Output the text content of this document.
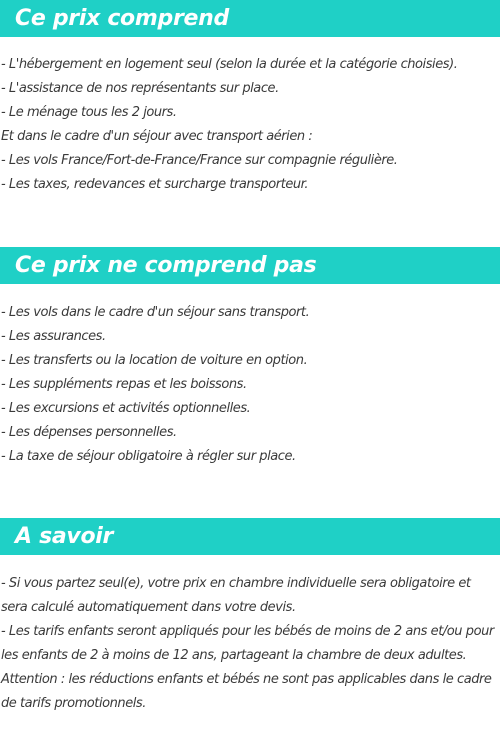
Ce prix comprend
- L'hébergement en logement seul (selon la durée et la catégorie choisies).
- L'assistance de nos représentants sur place.
- Le ménage tous les 2 jours.
Et dans le cadre d'un séjour avec transport aérien :
- Les vols France/Fort-de-France/France sur compagnie régulière.
- Les taxes, redevances et surcharge transporteur.
Ce prix ne comprend pas
- Les vols dans le cadre d'un séjour sans transport.
- Les assurances.
- Les transferts ou la location de voiture en option.
- Les suppléments repas et les boissons.
- Les excursions et activités optionnelles.
- Les dépenses personnelles.
- La taxe de séjour obligatoire à régler sur place.
A savoir
- Si vous partez seul(e), votre prix en chambre individuelle sera obligatoire et sera calculé automatiquement dans votre devis.
- Les tarifs enfants seront appliqués pour les bébés de moins de 2 ans et/ou pour les enfants de 2 à moins de 12 ans, partageant la chambre de deux adultes.
Attention : les réductions enfants et bébés ne sont pas applicables dans le cadre de tarifs promotionnels.
